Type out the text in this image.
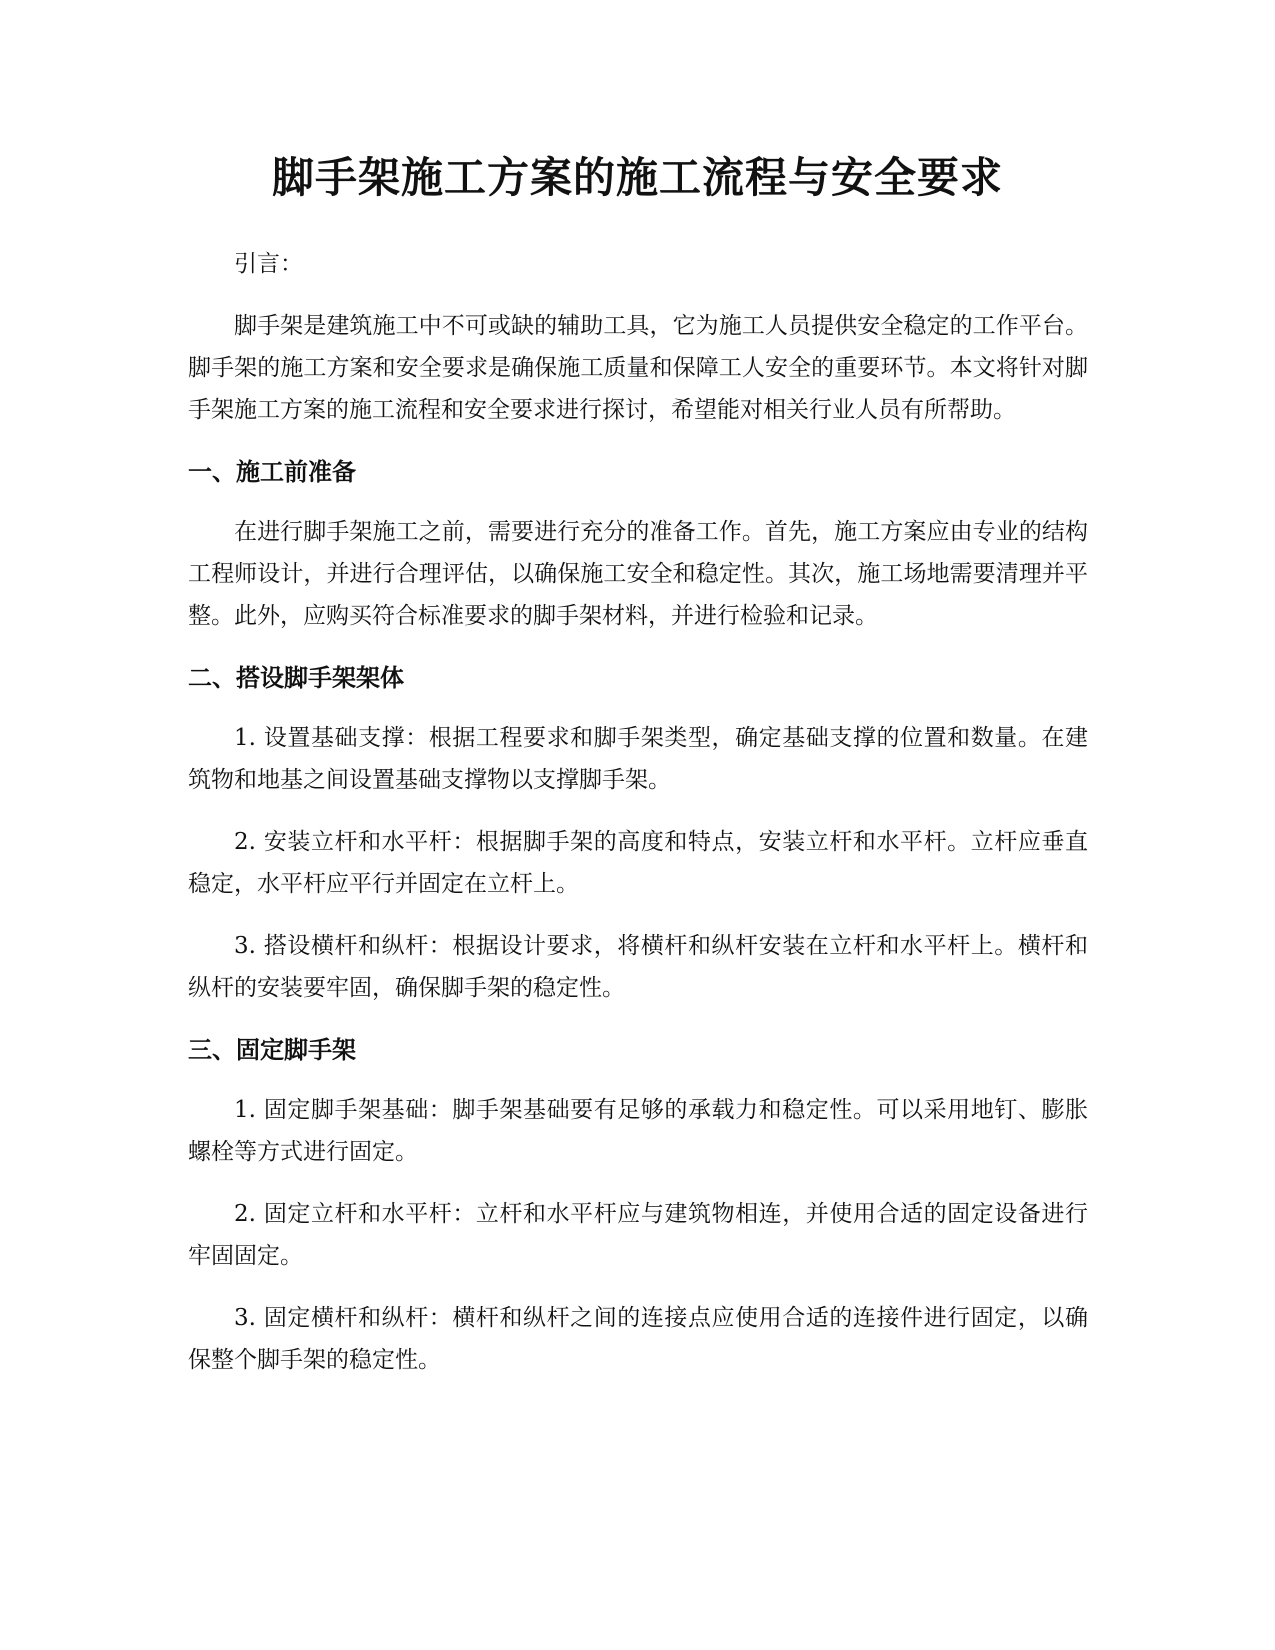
脚手架施工方案的施工流程与安全要求

引言：

脚手架是建筑施工中不可或缺的辅助工具，它为施工人员提供安全稳定的工作平台。脚手架的施工方案和安全要求是确保施工质量和保障工人安全的重要环节。本文将针对脚手架施工方案的施工流程和安全要求进行探讨，希望能对相关行业人员有所帮助。

一、施工前准备

在进行脚手架施工之前，需要进行充分的准备工作。首先，施工方案应由专业的结构工程师设计，并进行合理评估，以确保施工安全和稳定性。其次，施工场地需要清理并平整。此外，应购买符合标准要求的脚手架材料，并进行检验和记录。

二、搭设脚手架架体

1. 设置基础支撑：根据工程要求和脚手架类型，确定基础支撑的位置和数量。在建筑物和地基之间设置基础支撑物以支撑脚手架。

2. 安装立杆和水平杆：根据脚手架的高度和特点，安装立杆和水平杆。立杆应垂直稳定，水平杆应平行并固定在立杆上。

3. 搭设横杆和纵杆：根据设计要求，将横杆和纵杆安装在立杆和水平杆上。横杆和纵杆的安装要牢固，确保脚手架的稳定性。

三、固定脚手架

1. 固定脚手架基础：脚手架基础要有足够的承载力和稳定性。可以采用地钉、膨胀螺栓等方式进行固定。

2. 固定立杆和水平杆：立杆和水平杆应与建筑物相连，并使用合适的固定设备进行牢固固定。

3. 固定横杆和纵杆：横杆和纵杆之间的连接点应使用合适的连接件进行固定，以确保整个脚手架的稳定性。
